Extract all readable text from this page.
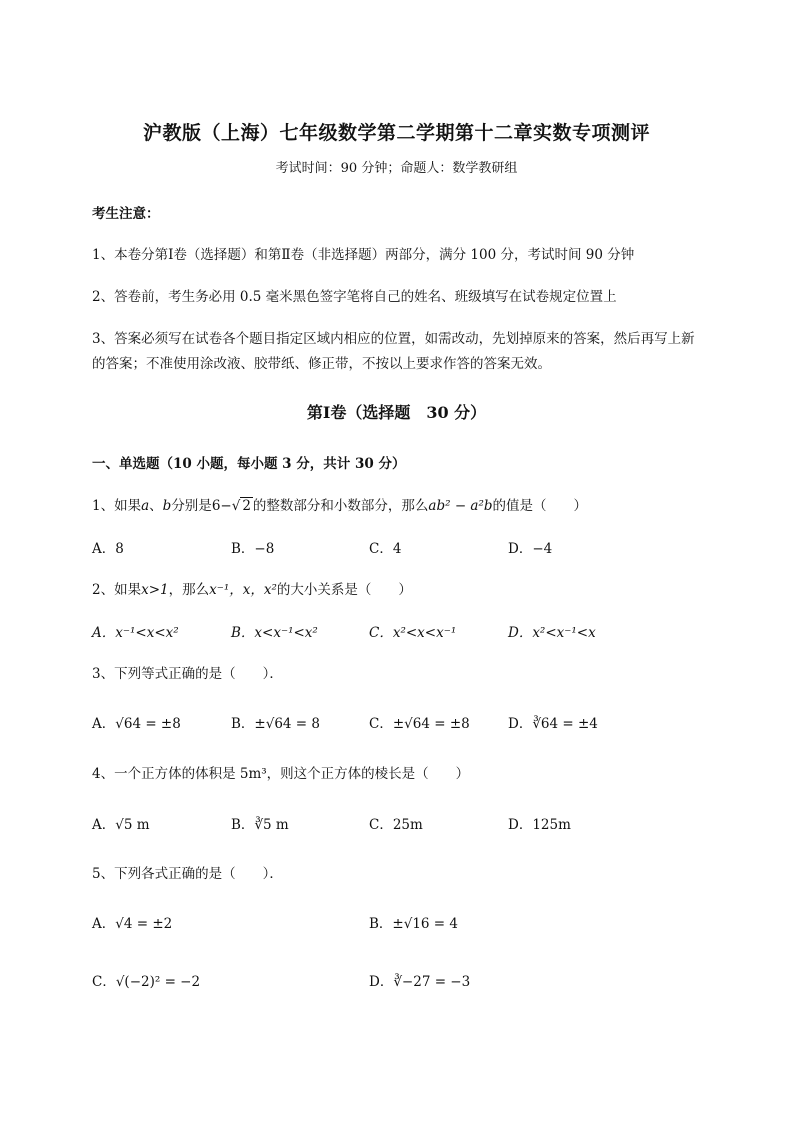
沪教版（上海）七年级数学第二学期第十二章实数专项测评
考试时间：90 分钟；命题人：数学教研组
考生注意：
1、本卷分第Ⅰ卷（选择题）和第Ⅱ卷（非选择题）两部分，满分 100 分，考试时间 90 分钟
2、答卷前，考生务必用 0.5 毫米黑色签字笔将自己的姓名、班级填写在试卷规定位置上
3、答案必须写在试卷各个题目指定区域内相应的位置，如需改动，先划掉原来的答案，然后再写上新
的答案；不准使用涂改液、胶带纸、修正带，不按以上要求作答的答案无效。
第Ⅰ卷（选择题　30 分）
一、单选题（10 小题，每小题 3 分，共计 30 分）
1、如果a、b分别是6−√ 2 的整数部分和小数部分，那么ab² − a²b的值是（　　）
A．8	B．−8	C．4	D．−4
2、如果x>1，那么x⁻¹，x，x²的大小关系是（　　）
A．x⁻¹<x<x²	B．x<x⁻¹<x²	C．x²<x<x⁻¹	D．x²<x⁻¹<x
3、下列等式正确的是（　　）．
A．√64 = ±8	B．±√64 = 8	C．±√64 = ±8	D．∛64 = ±4
4、一个正方体的体积是 5m³，则这个正方体的棱长是（　　）
A．√5 m	B．∛5 m	C．25m	D．125m
5、下列各式正确的是（　　）．
A．√4 = ±2	B．±√16 = 4
C．√(−2)² = −2	D．∛−27 = −3
